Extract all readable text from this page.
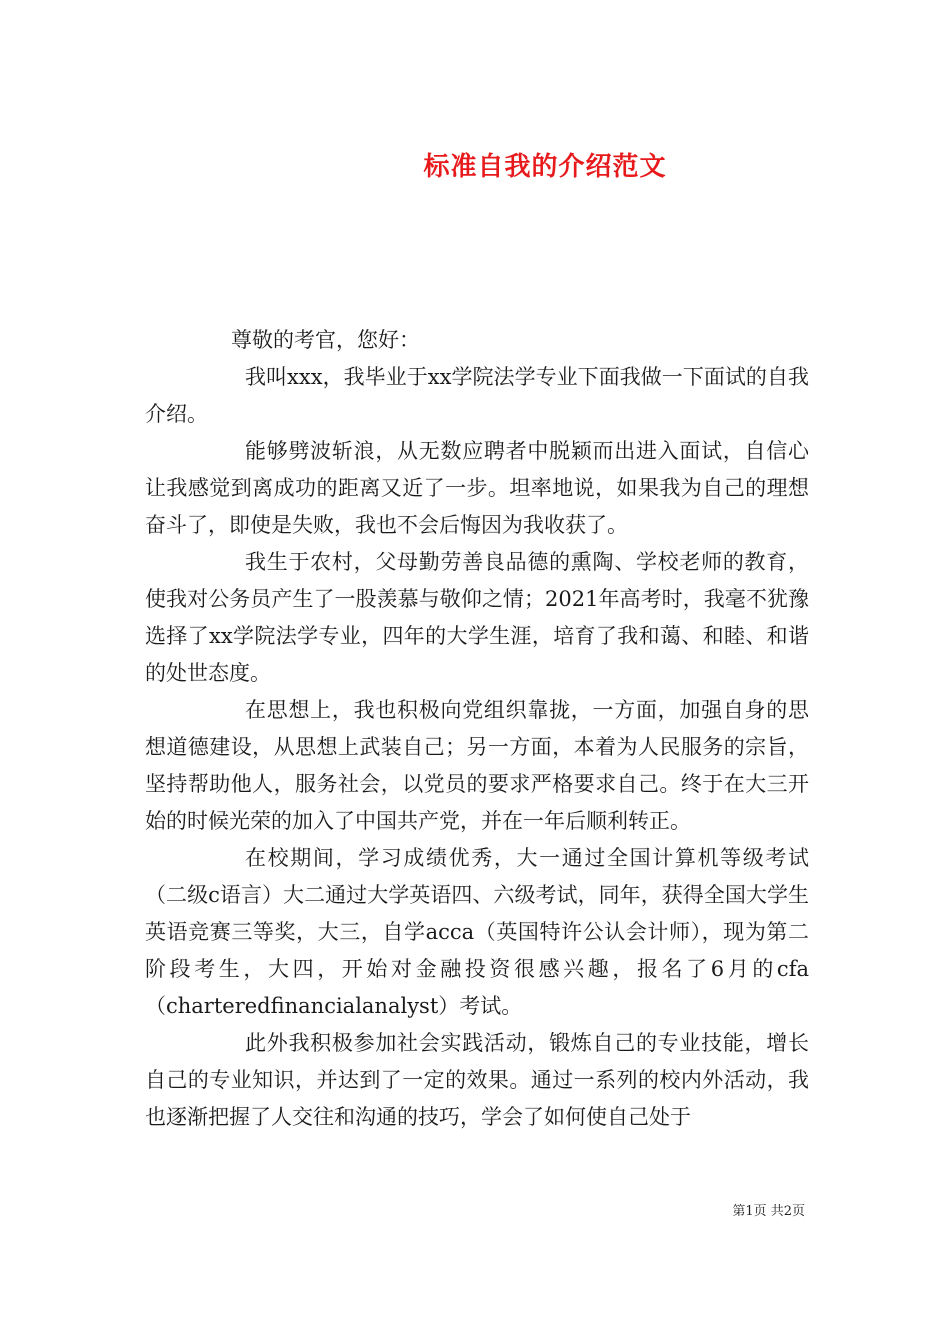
标准自我的介绍范文

尊敬的考官，您好：

我叫xxx，我毕业于xx学院法学专业下面我做一下面试的自我介绍。

能够劈波斩浪，从无数应聘者中脱颖而出进入面试，自信心让我感觉到离成功的距离又近了一步。坦率地说，如果我为自己的理想奋斗了，即使是失败，我也不会后悔因为我收获了。

我生于农村，父母勤劳善良品德的熏陶、学校老师的教育，使我对公务员产生了一股羡慕与敬仰之情；2021年高考时，我毫不犹豫选择了xx学院法学专业，四年的大学生涯，培育了我和蔼、和睦、和谐的处世态度。

在思想上，我也积极向党组织靠拢，一方面，加强自身的思想道德建设，从思想上武装自己；另一方面，本着为人民服务的宗旨，坚持帮助他人，服务社会，以党员的要求严格要求自己。终于在大三开始的时候光荣的加入了中国共产党，并在一年后顺利转正。

在校期间，学习成绩优秀，大一通过全国计算机等级考试（二级c语言）大二通过大学英语四、六级考试，同年，获得全国大学生英语竞赛三等奖，大三，自学acca（英国特许公认会计师），现为第二阶段考生，大四，开始对金融投资很感兴趣，报名了6月的cfa（charteredfinancialanalyst）考试。

此外我积极参加社会实践活动，锻炼自己的专业技能，增长自己的专业知识，并达到了一定的效果。通过一系列的校内外活动，我也逐渐把握了人交往和沟通的技巧，学会了如何使自己处于

第1页 共2页
